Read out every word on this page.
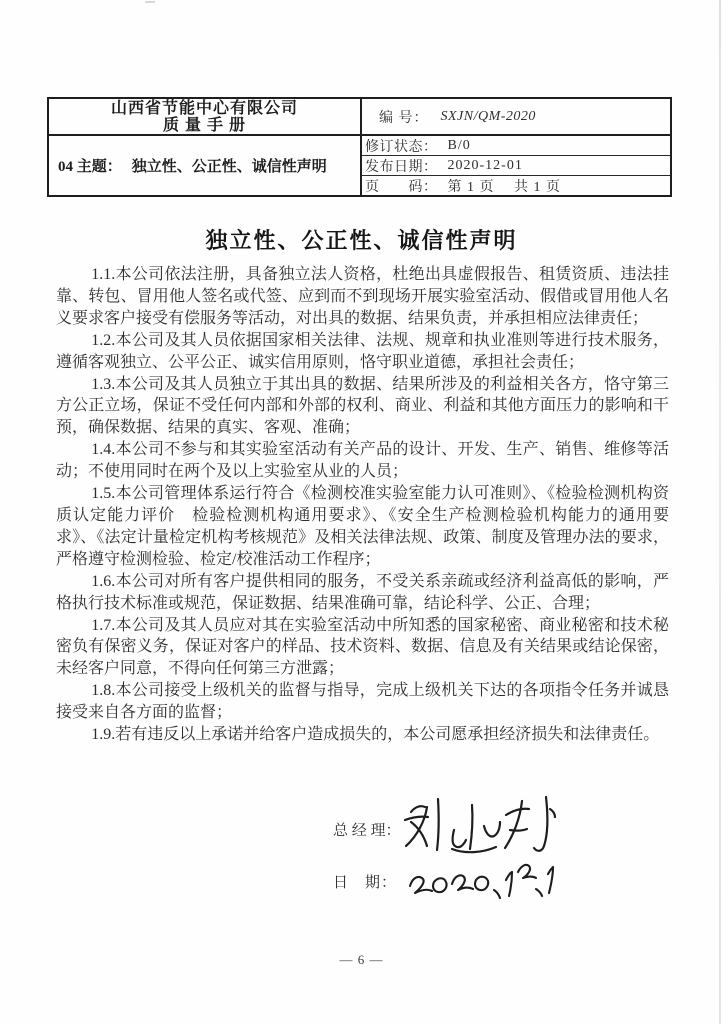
山西省节能中心有限公司
质 量 手 册
04 主题： 独立性、公正性、诚信性声明
编 号： SXJN/QM-2020
修订状态： B/0
发布日期： 2020-12-01
页　　码： 第 1 页　 共 1 页
独立性、公正性、诚信性声明

1.1.本公司依法注册，具备独立法人资格，杜绝出具虚假报告、租赁资质、违法挂靠、转包、冒用他人签名或代签、应到而不到现场开展实验室活动、假借或冒用他人名义要求客户接受有偿服务等活动，对出具的数据、结果负责，并承担相应法律责任；

1.2.本公司及其人员依据国家相关法律、法规、规章和执业准则等进行技术服务，遵循客观独立、公平公正、诚实信用原则，恪守职业道德，承担社会责任；

1.3.本公司及其人员独立于其出具的数据、结果所涉及的利益相关各方，恪守第三方公正立场，保证不受任何内部和外部的权利、商业、利益和其他方面压力的影响和干预，确保数据、结果的真实、客观、准确；

1.4.本公司不参与和其实验室活动有关产品的设计、开发、生产、销售、维修等活动；不使用同时在两个及以上实验室从业的人员；

1.5.本公司管理体系运行符合《检测校准实验室能力认可准则》、《检验检测机构资质认定能力评价　检验检测机构通用要求》、《安全生产检测检验机构能力的通用要求》、《法定计量检定机构考核规范》及相关法律法规、政策、制度及管理办法的要求，严格遵守检测检验、检定/校准活动工作程序；

1.6.本公司对所有客户提供相同的服务，不受关系亲疏或经济利益高低的影响，严格执行技术标准或规范，保证数据、结果准确可靠，结论科学、公正、合理；

1.7.本公司及其人员应对其在实验室活动中所知悉的国家秘密、商业秘密和技术秘密负有保密义务，保证对客户的样品、技术资料、数据、信息及有关结果或结论保密，未经客户同意，不得向任何第三方泄露；

1.8.本公司接受上级机关的监督与指导，完成上级机关下达的各项指令任务并诚恳接受来自各方面的监督；

1.9.若有违反以上承诺并给客户造成损失的，本公司愿承担经济损失和法律责任。

总 经 理：
日　期：
— 6 —
